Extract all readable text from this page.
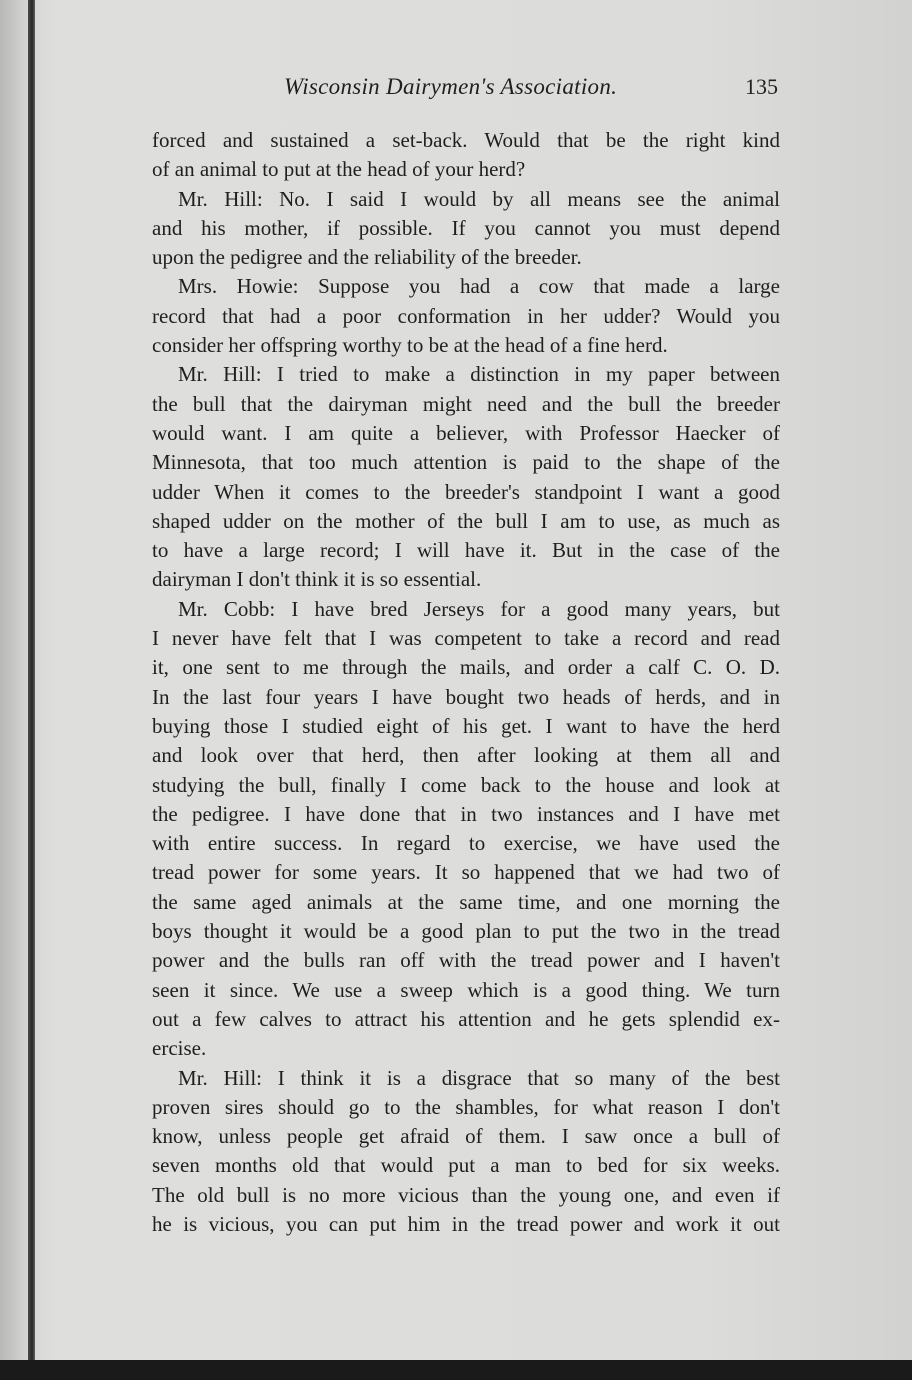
Wisconsin Dairymen's Association.	135
forced and sustained a set-back. Would that be the right kind
of an animal to put at the head of your herd?
Mr. Hill: No. I said I would by all means see the animal
and his mother, if possible. If you cannot you must depend
upon the pedigree and the reliability of the breeder.
Mrs. Howie: Suppose you had a cow that made a large
record that had a poor conformation in her udder? Would you
consider her offspring worthy to be at the head of a fine herd.
Mr. Hill: I tried to make a distinction in my paper between
the bull that the dairyman might need and the bull the breeder
would want. I am quite a believer, with Professor Haecker of
Minnesota, that too much attention is paid to the shape of the
udder When it comes to the breeder's standpoint I want a good
shaped udder on the mother of the bull I am to use, as much as
to have a large record; I will have it. But in the case of the
dairyman I don't think it is so essential.
Mr. Cobb: I have bred Jerseys for a good many years, but
I never have felt that I was competent to take a record and read
it, one sent to me through the mails, and order a calf C. O. D.
In the last four years I have bought two heads of herds, and in
buying those I studied eight of his get. I want to have the herd
and look over that herd, then after looking at them all and
studying the bull, finally I come back to the house and look at
the pedigree. I have done that in two instances and I have met
with entire success. In regard to exercise, we have used the
tread power for some years. It so happened that we had two of
the same aged animals at the same time, and one morning the
boys thought it would be a good plan to put the two in the tread
power and the bulls ran off with the tread power and I haven't
seen it since. We use a sweep which is a good thing. We turn
out a few calves to attract his attention and he gets splendid ex-
ercise.
Mr. Hill: I think it is a disgrace that so many of the best
proven sires should go to the shambles, for what reason I don't
know, unless people get afraid of them. I saw once a bull of
seven months old that would put a man to bed for six weeks.
The old bull is no more vicious than the young one, and even if
he is vicious, you can put him in the tread power and work it out
